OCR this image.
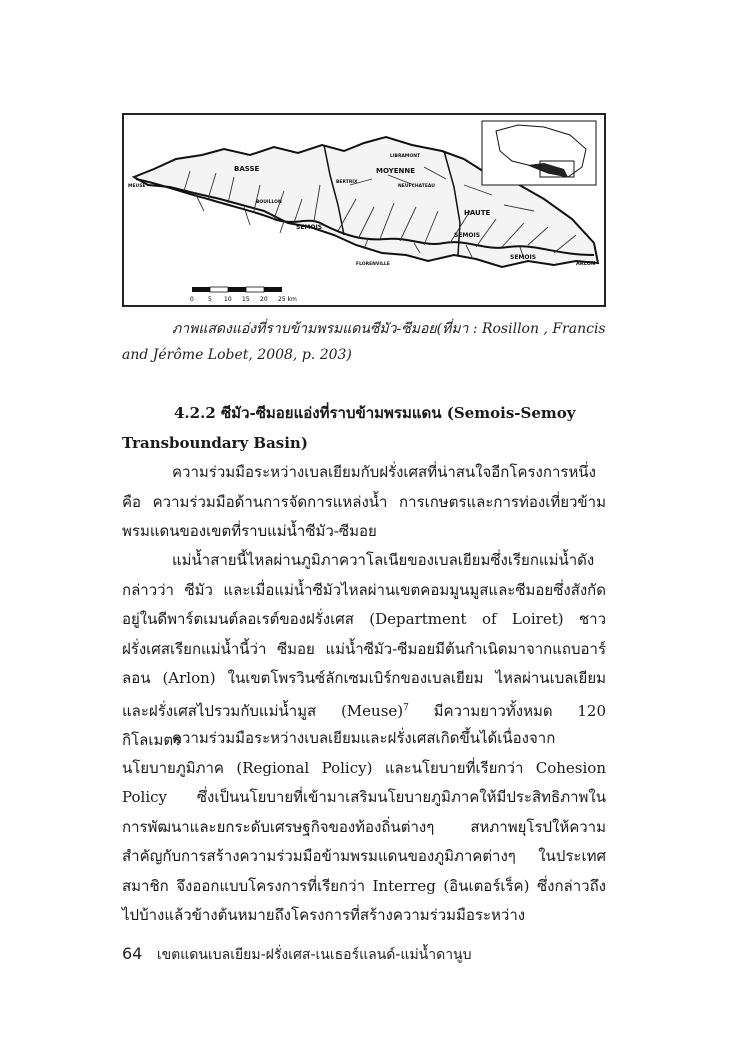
0 5 10 15 20 25 km
BASSE	MOYENNE
HAUTE
SEMOIS
SEMOIS
SEMOIS
ARLON
FLORENVILLE
BOUILLON
NEUFCHATEAU
BERTRIX
LIBRAMONT
MEUSE
ภาพแสดงแอ่งที่ราบข้ามพรมแดนซีมัว-ซีมอย(ที่มา : Rosillon , Francis
and Jérôme Lobet, 2008, p. 203)
4.2.2 ซีมัว-ซีมอยแอ่งที่ราบข้ามพรมแดน (Semois-Semoy
Transboundary Basin)
ความร่วมมือระหว่างเบลเยียมกับฝรั่งเศสที่น่าสนใจอีกโครงการหนึ่ง คือ ความร่วมมือด้านการจัดการแหล่งน้ำ การเกษตรและการท่องเที่ยวข้ามพรมแดนของเขตที่ราบแม่น้ำซีมัว-ซีมอย
แม่น้ำสายนี้ไหลผ่านภูมิภาควาโลเนียของเบลเยียมซึ่งเรียกแม่น้ำดังกล่าวว่า ซีมัว และเมื่อแม่น้ำซีมัวไหลผ่านเขตคอมมูนมูสและซีมอยซึ่งสังกัดอยู่ในดีพาร์ตเมนต์ลอเรต์ของฝรั่งเศส (Department of Loiret) ชาวฝรั่งเศสเรียกแม่น้ำนี้ว่า ซีมอย แม่น้ำซีมัว-ซีมอยมีต้นกำเนิดมาจากแถบอาร์ลอน (Arlon) ในเขตโพรวินซ์ลักเซมเบิร์กของเบลเยียม ไหลผ่านเบลเยียมและฝรั่งเศสไปรวมกับแม่น้ำมูส (Meuse)$^7$ มีความยาวทั้งหมด 120 กิโลเมตร
ความร่วมมือระหว่างเบลเยียมและฝรั่งเศสเกิดขึ้นได้เนื่องจากนโยบายภูมิภาค (Regional Policy) และนโยบายที่เรียกว่า Cohesion Policy ซึ่งเป็นนโยบายที่เข้ามาเสริมนโยบายภูมิภาคให้มีประสิทธิภาพในการพัฒนาและยกระดับเศรษฐกิจของท้องถิ่นต่างๆ สหภาพยุโรปให้ความสำคัญกับการสร้างความร่วมมือข้ามพรมแดนของภูมิภาคต่างๆ ในประเทศสมาชิก จึงออกแบบโครงการที่เรียกว่า Interreg (อินเตอร์เร็ค) ซึ่งกล่าวถึงไปบ้างแล้วข้างต้นหมายถึงโครงการที่สร้างความร่วมมือระหว่าง
64 เขตแดนเบลเยียม-ฝรั่งเศส-เนเธอร์แลนด์-แม่น้ำดานูบ
